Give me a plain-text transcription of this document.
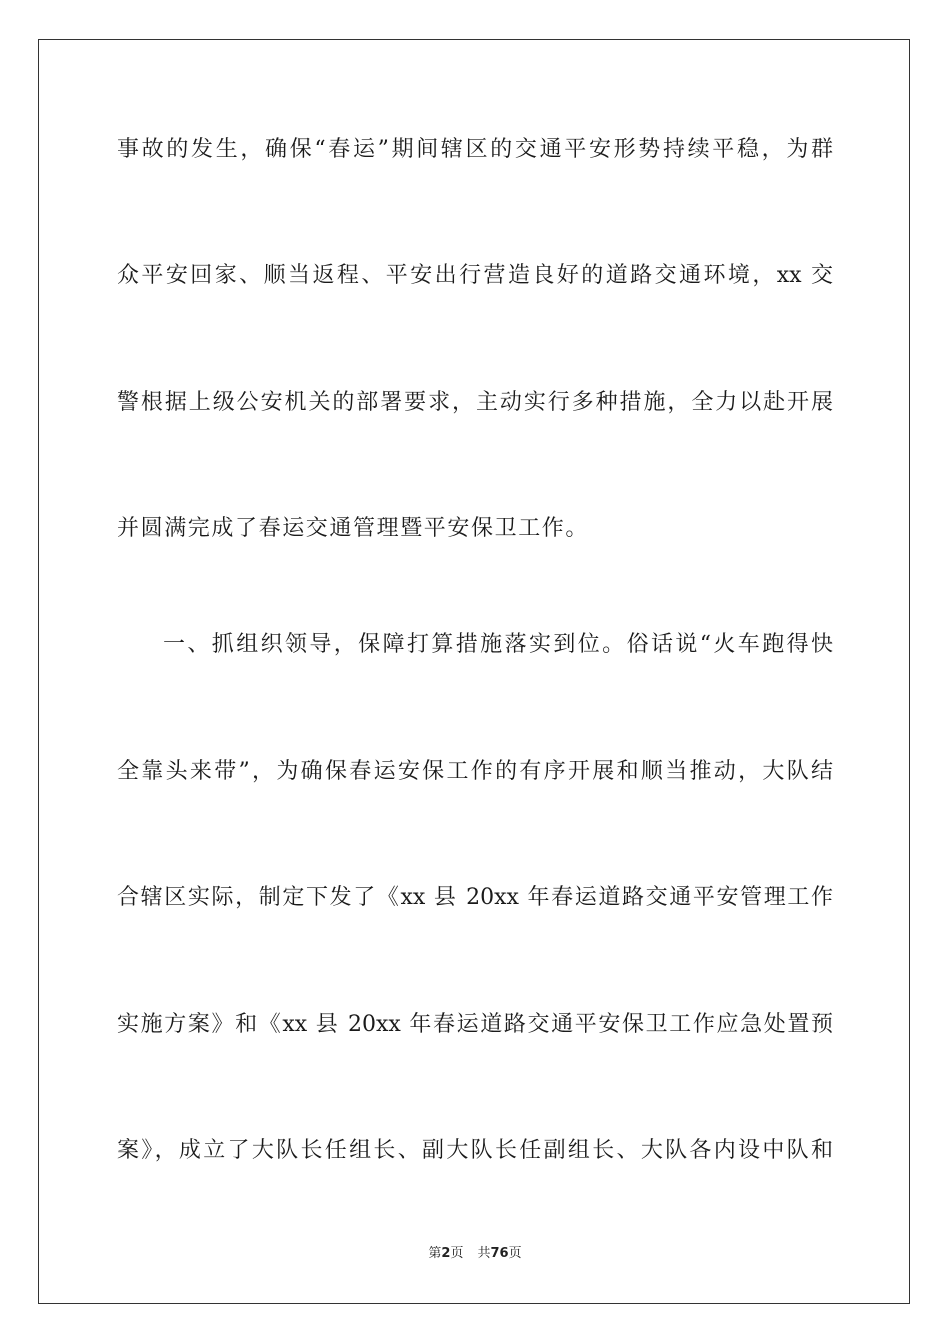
事故的发生，确保“春运”期间辖区的交通平安形势持续平稳，为群

众平安回家、顺当返程、平安出行营造良好的道路交通环境，xx 交

警根据上级公安机关的部署要求，主动实行多种措施，全力以赴开展

并圆满完成了春运交通管理暨平安保卫工作。

一、抓组织领导，保障打算措施落实到位。俗话说“火车跑得快

全靠头来带”，为确保春运安保工作的有序开展和顺当推动，大队结

合辖区实际，制定下发了《xx 县 20xx 年春运道路交通平安管理工作

实施方案》和《xx 县 20xx 年春运道路交通平安保卫工作应急处置预

案》，成立了大队长任组长、副大队长任副组长、大队各内设中队和

第2页 共76页
